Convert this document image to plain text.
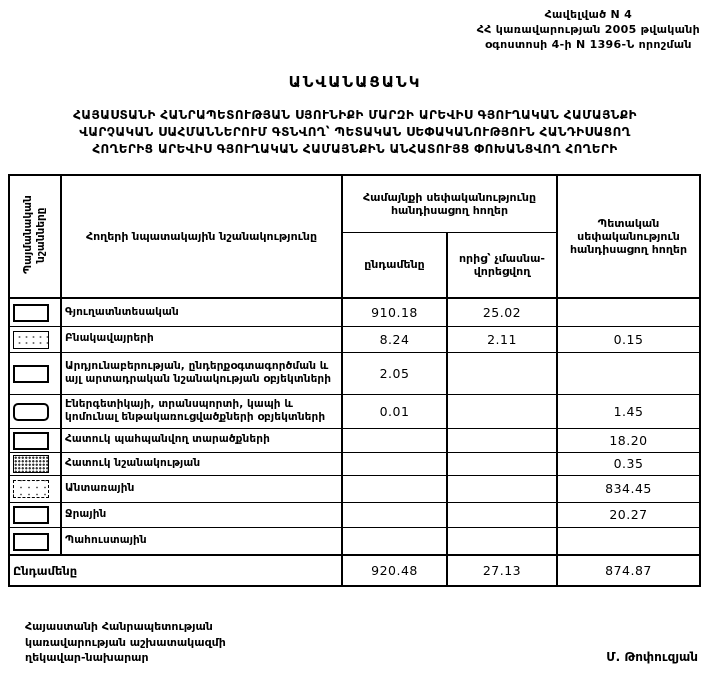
Հավելված N 4
ՀՀ կառավարության 2005 թվականի
օգոստոսի 4-ի N 1396-Ն որոշման
ԱՆՎԱՆԱՑԱՆԿ
ՀԱՅԱՍՏԱՆԻ ՀԱՆՐԱՊԵՏՈՒԹՅԱՆ ՍՅՈՒՆԻՔԻ ՄԱՐԶԻ ԱՐԵՎԻՍ ԳՅՈՒՂԱԿԱՆ ՀԱՄԱՅՆՔԻ
ՎԱՐՉԱԿԱՆ ՍԱՀՄԱՆՆԵՐՈՒՄ ԳՏՆՎՈՂ՝ ՊԵՏԱԿԱՆ ՍԵՓԱԿԱՆՈՒԹՅՈՒՆ ՀԱՆԴԻՍԱՑՈՂ
ՀՈՂԵՐԻՑ ԱՐԵՎԻՍ ԳՅՈՒՂԱԿԱՆ ՀԱՄԱՅՆՔԻՆ ԱՆՀԱՏՈՒՅՑ ՓՈԽԱՆՑՎՈՂ ՀՈՂԵՐԻ
Պայմանական նշանները	Հողերի նպատակային նշանակությունը	Համայնքի սեփականությունը հանդիսացող հողեր		Պետական սեփականություն հանդիսացող հողեր
		ընդամենը	որից՝ չմասնա-վորեցվող	
	Գյուղատնտեսական	910.18	25.02	
	Բնակավայրերի	8.24	2.11	0.15
	Արդյունաբերության, ընդերքօգտագործման և այլ արտադրական նշանակության օբյեկտների	2.05		
	Էներգետիկայի, տրանսպորտի, կապի և կոմունալ ենթակառուցվածքների օբյեկտների	0.01		1.45
	Հատուկ պահպանվող տարածքների			18.20
	Հատուկ նշանակության			0.35
	Անտառային			834.45
	Ջրային			20.27
	Պահուստային			
Ընդամենը		920.48	27.13	874.87
Հայաստանի Հանրապետության
կառավարության աշխատակազմի
ղեկավար-նախարար	Մ. Թոփուզյան
